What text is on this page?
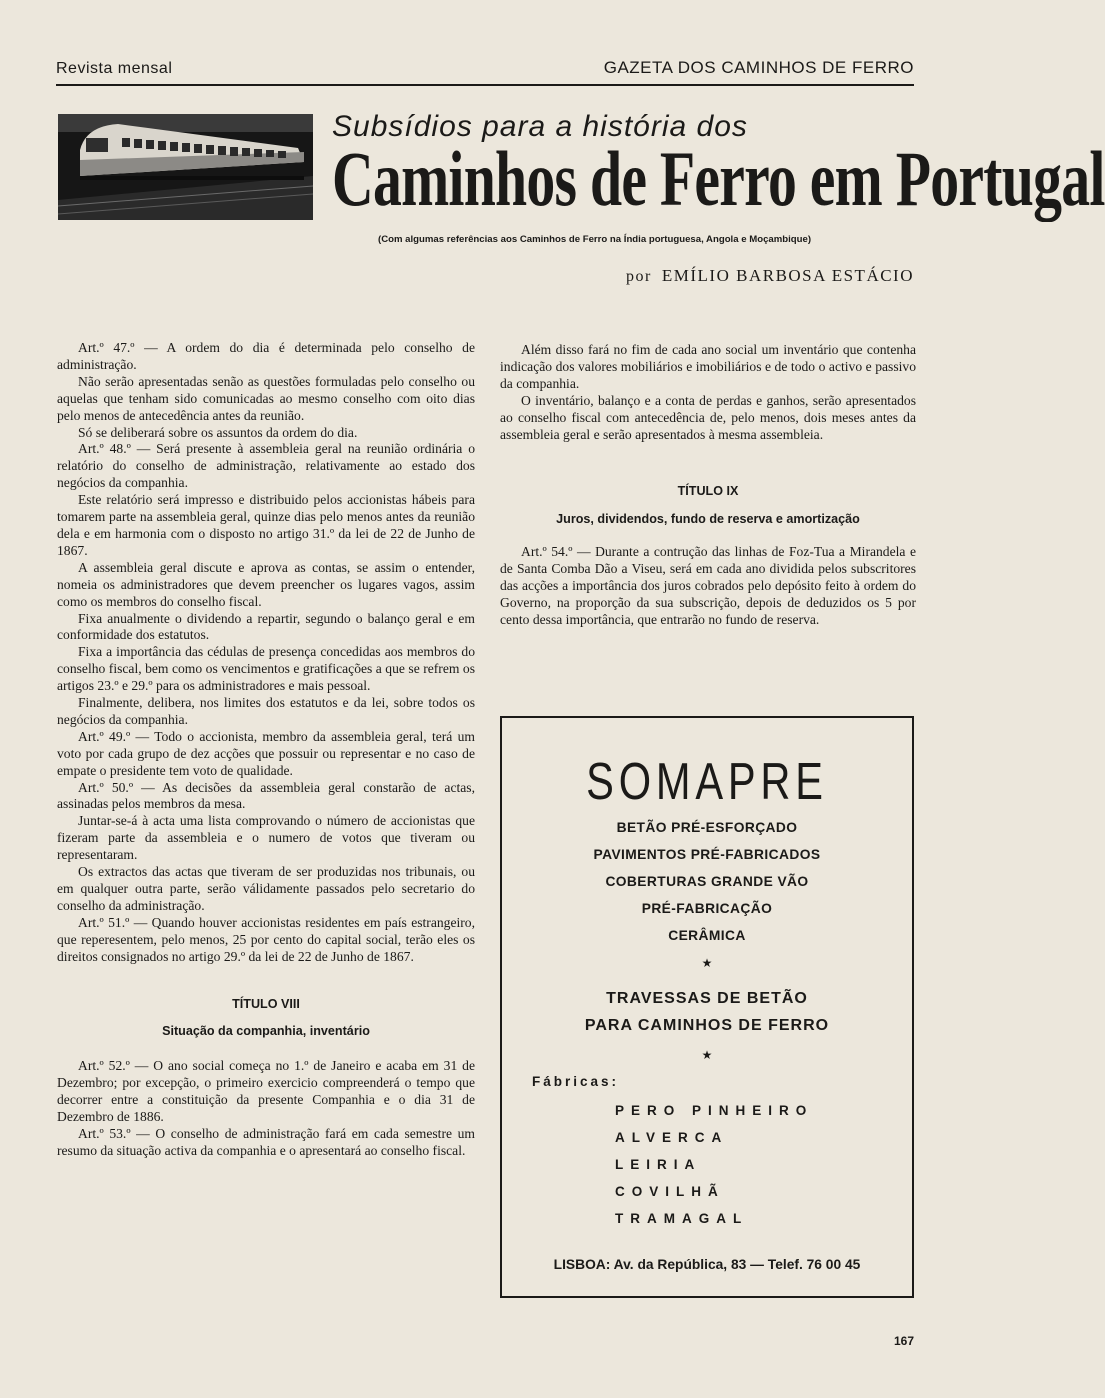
Revista mensal	GAZETA DOS CAMINHOS DE FERRO
Subsídios para a história dos
Caminhos de Ferro em Portugal
(Com algumas referências aos Caminhos de Ferro na Índia portuguesa, Angola e Moçambique)
por EMÍLIO BARBOSA ESTÁCIO

Art.º 47.º — A ordem do dia é determinada pelo conselho de administração.

Não serão apresentadas senão as questões formuladas pelo conselho ou aquelas que tenham sido comunicadas ao mesmo conselho com oito dias pelo menos de antecedência antes da reunião.

Só se deliberará sobre os assuntos da ordem do dia.

Art.º 48.º — Será presente à assembleia geral na reunião ordinária o relatório do conselho de administração, relativamente ao estado dos negócios da companhia.

Este relatório será impresso e distribuido pelos accionistas hábeis para tomarem parte na assembleia geral, quinze dias pelo menos antes da reunião dela e em harmonia com o disposto no artigo 31.º da lei de 22 de Junho de 1867.

A assembleia geral discute e aprova as contas, se assim o entender, nomeia os administradores que devem preencher os lugares vagos, assim como os membros do conselho fiscal.

Fixa anualmente o dividendo a repartir, segundo o balanço geral e em conformidade dos estatutos.

Fixa a importância das cédulas de presença concedidas aos membros do conselho fiscal, bem como os vencimentos e gratificações a que se refrem os artigos 23.º e 29.º para os administradores e mais pessoal.

Finalmente, delibera, nos limites dos estatutos e da lei, sobre todos os negócios da companhia.

Art.º 49.º — Todo o accionista, membro da assembleia geral, terá um voto por cada grupo de dez acções que possuir ou representar e no caso de empate o presidente tem voto de qualidade.

Art.º 50.º — As decisões da assembleia geral constarão de actas, assinadas pelos membros da mesa.

Juntar-se-á à acta uma lista comprovando o número de accionistas que fizeram parte da assembleia e o numero de votos que tiveram ou representaram.

Os extractos das actas que tiveram de ser produzidas nos tribunais, ou em qualquer outra parte, serão válidamente passados pelo secretario do conselho da administração.

Art.º 51.º — Quando houver accionistas residentes em país estrangeiro, que reperesentem, pelo menos, 25 por cento do capital social, terão eles os direitos consignados no artigo 29.º da lei de 22 de Junho de 1867.

TÍTULO VIII

Situação da companhia, inventário

Art.º 52.º — O ano social começa no 1.º de Janeiro e acaba em 31 de Dezembro; por excepção, o primeiro exercicio compreenderá o tempo que decorrer entre a constituição da presente Companhia e o dia 31 de Dezembro de 1886.

Art.º 53.º — O conselho de administração fará em cada semestre um resumo da situação activa da companhia e o apresentará ao conselho fiscal.

Além disso fará no fim de cada ano social um inventário que contenha indicação dos valores mobiliários e imobiliários e de todo o activo e passivo da companhia.

O inventário, balanço e a conta de perdas e ganhos, serão apresentados ao conselho fiscal com antecedência de, pelo menos, dois meses antes da assembleia geral e serão apresentados à mesma assembleia.

TÍTULO IX

Juros, dividendos, fundo de reserva e amortização

Art.º 54.º — Durante a contrução das linhas de Foz-Tua a Mirandela e de Santa Comba Dão a Viseu, será em cada ano dividida pelos subscritores das acções a importância dos juros cobrados pelo depósito feito à ordem do Governo, na proporção da sua subscrição, depois de deduzidos os 5 por cento dessa importância, que entrarão no fundo de reserva.

SOMAPRE
BETÃO PRÉ-ESFORÇADO
PAVIMENTOS PRÉ-FABRICADOS
COBERTURAS GRANDE VÃO
PRÉ-FABRICAÇÃO
CERÂMICA
★
TRAVESSAS DE BETÃO
PARA CAMINHOS DE FERRO
★
Fábricas:
PERO PINHEIRO
ALVERCA
LEIRIA
COVILHÃ
TRAMAGAL
LISBOA: Av. da República, 83 — Telef. 76 00 45
167
